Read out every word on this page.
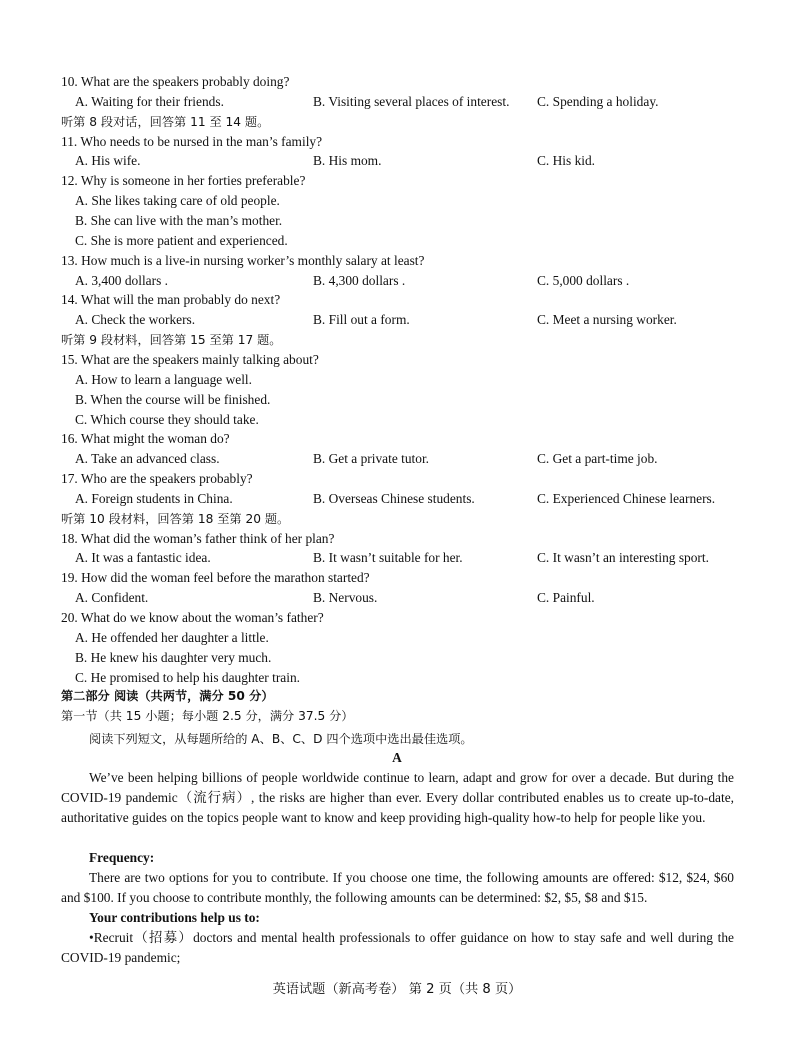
10. What are the speakers probably doing?
A. Waiting for their friends.	B. Visiting several places of interest. C. Spending a holiday.
听第 8 段对话，回答第 11 至 14 题。
11. Who needs to be nursed in the man’s family?
A. His wife.	B. His mom.	C. His kid.
12. Why is someone in her forties preferable?
A. She likes taking care of old people.
B. She can live with the man’s mother.
C. She is more patient and experienced.
13. How much is a live-in nursing worker’s monthly salary at least?
A. 3,400 dollars .	B. 4,300 dollars .	C. 5,000 dollars .
14. What will the man probably do next?
A. Check the workers.	B. Fill out a form.	C. Meet a nursing worker.
听第 9 段材料，回答第 15 至第 17 题。
15. What are the speakers mainly talking about?
A. How to learn a language well.
B. When the course will be finished.
C. Which course they should take.
16. What might the woman do?
A. Take an advanced class.	B. Get a private tutor.	C. Get a part-time job.
17. Who are the speakers probably?
A. Foreign students in China.	B. Overseas Chinese students.	C. Experienced Chinese learners.
听第 10 段材料，回答第 18 至第 20 题。
18. What did the woman’s father think of her plan?
A. It was a fantastic idea.	B. It wasn’t suitable for her.	C. It wasn’t an interesting sport.
19. How did the woman feel before the marathon started?
A. Confident.	B. Nervous.	C. Painful.
20. What do we know about the woman’s father?
A. He offended her daughter a little.
B. He knew his daughter very much.
C. He promised to help his daughter train.
第二部分 阅读（共两节，满分 50 分）
第一节（共 15 小题；每小题 2.5 分，满分 37.5 分）
阅读下列短文，从每题所给的 A、B、C、D 四个选项中选出最佳选项。
A
We’ve been helping billions of people worldwide continue to learn, adapt and grow for over a decade. But during the COVID-19 pandemic（流行病）, the risks are higher than ever. Every dollar contributed enables us to create up-to-date, authoritative guides on the topics people want to know and keep providing high-quality how-to help for people like you.
Frequency:
There are two options for you to contribute. If you choose one time, the following amounts are offered: $12, $24, $60 and $100. If you choose to contribute monthly, the following amounts can be determined: $2, $5, $8 and $15.
Your contributions help us to:
•Recruit（招募）doctors and mental health professionals to offer guidance on how to stay safe and well during the COVID-19 pandemic;
英语试题（新高考卷） 第 2 页（共 8 页）
